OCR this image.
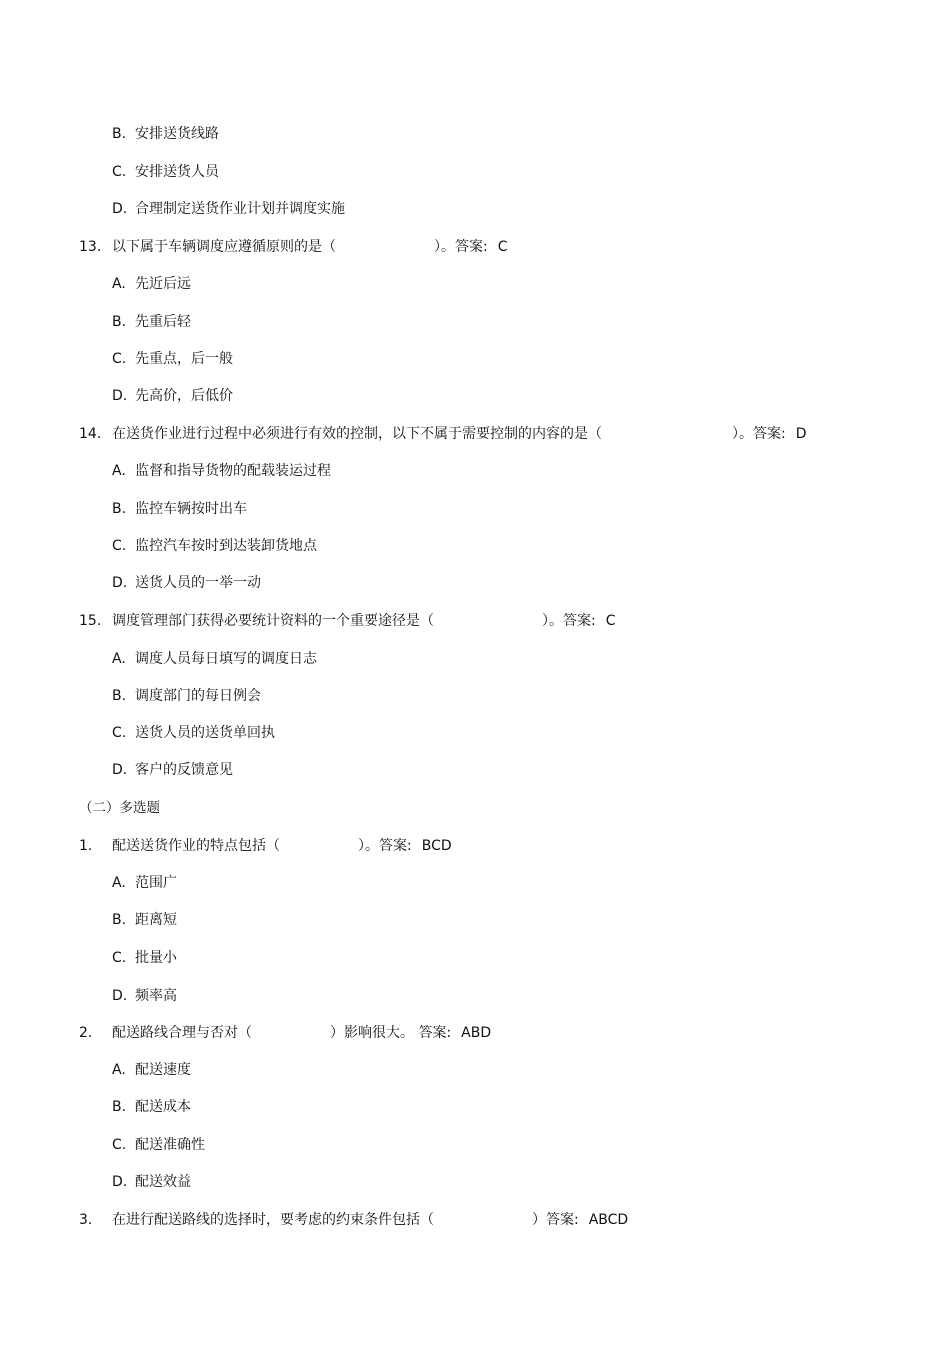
B. 安排送货线路
C. 安排送货人员
D. 合理制定送货作业计划并调度实施
13. 以下属于车辆调度应遵循原则的是（	）。答案: C
A. 先近后远
B. 先重后轻
C. 先重点，后一般
D. 先高价，后低价
14. 在送货作业进行过程中必须进行有效的控制，以下不属于需要控制的内容的是（	）。答案: D
A. 监督和指导货物的配载装运过程
B. 监控车辆按时出车
C. 监控汽车按时到达装卸货地点
D. 送货人员的一举一动
15. 调度管理部门获得必要统计资料的一个重要途径是（	）。答案: C
A. 调度人员每日填写的调度日志
B. 调度部门的每日例会
C. 送货人员的送货单回执
D. 客户的反馈意见
（二）多选题
1. 配送送货作业的特点包括（	）。答案: BCD
A. 范围广
B. 距离短
C. 批量小
D. 频率高
2. 配送路线合理与否对（	）影响很大。 答案: ABD
A. 配送速度
B. 配送成本
C. 配送准确性
D. 配送效益
3. 在进行配送路线的选择时，要考虑的约束条件包括（	）答案: ABCD
